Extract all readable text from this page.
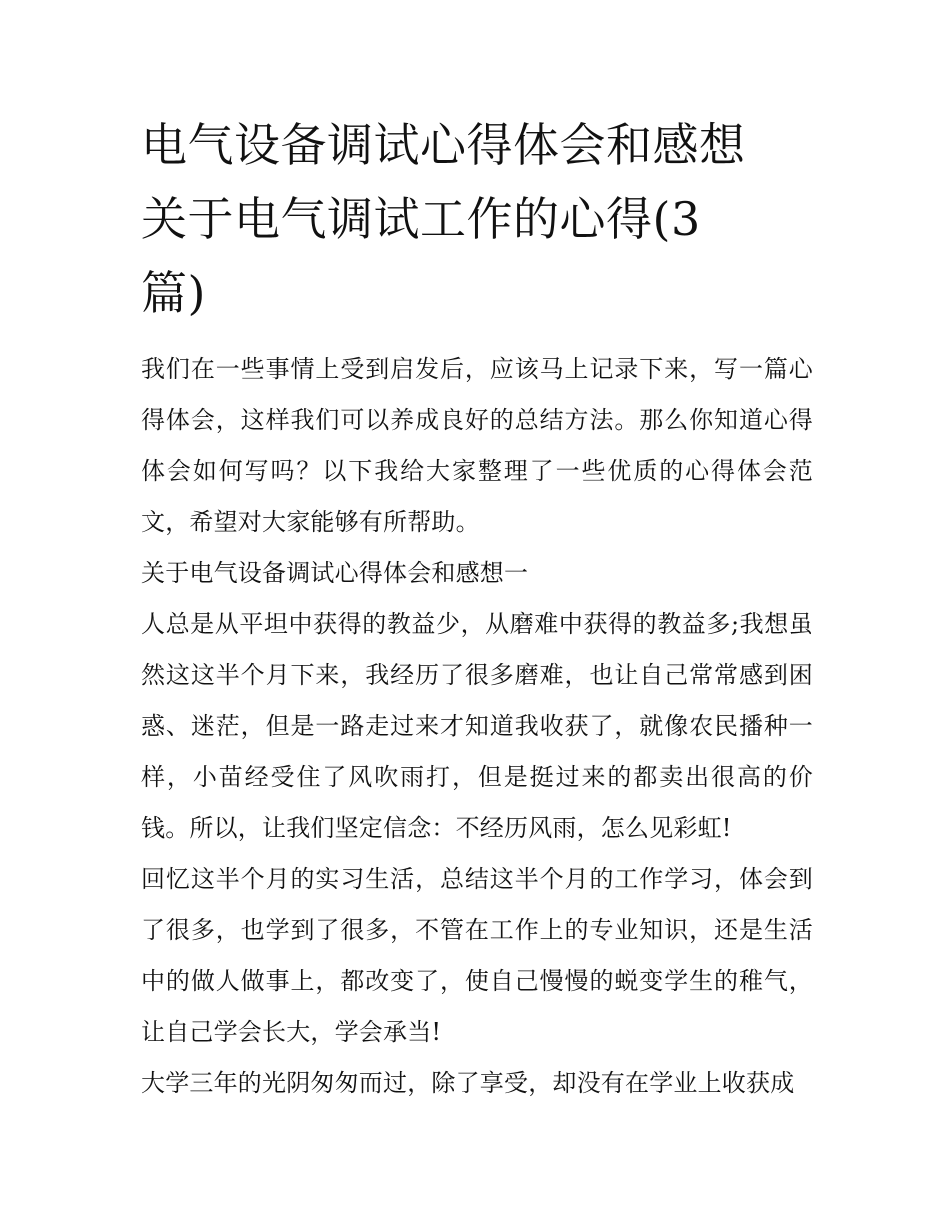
电气设备调试心得体会和感想
关于电气调试工作的心得(3
篇)

我们在一些事情上受到启发后，应该马上记录下来，写一篇心得体会，这样我们可以养成良好的总结方法。那么你知道心得体会如何写吗？以下我给大家整理了一些优质的心得体会范文，希望对大家能够有所帮助。

关于电气设备调试心得体会和感想一

人总是从平坦中获得的教益少，从磨难中获得的教益多;我想虽然这这半个月下来，我经历了很多磨难，也让自己常常感到困惑、迷茫，但是一路走过来才知道我收获了，就像农民播种一样，小苗经受住了风吹雨打，但是挺过来的都卖出很高的价钱。所以，让我们坚定信念：不经历风雨，怎么见彩虹!

回忆这半个月的实习生活，总结这半个月的工作学习，体会到了很多，也学到了很多，不管在工作上的专业知识，还是生活中的做人做事上，都改变了，使自己慢慢的蜕变学生的稚气，让自己学会长大，学会承当!

大学三年的光阴匆匆而过，除了享受，却没有在学业上收获成
